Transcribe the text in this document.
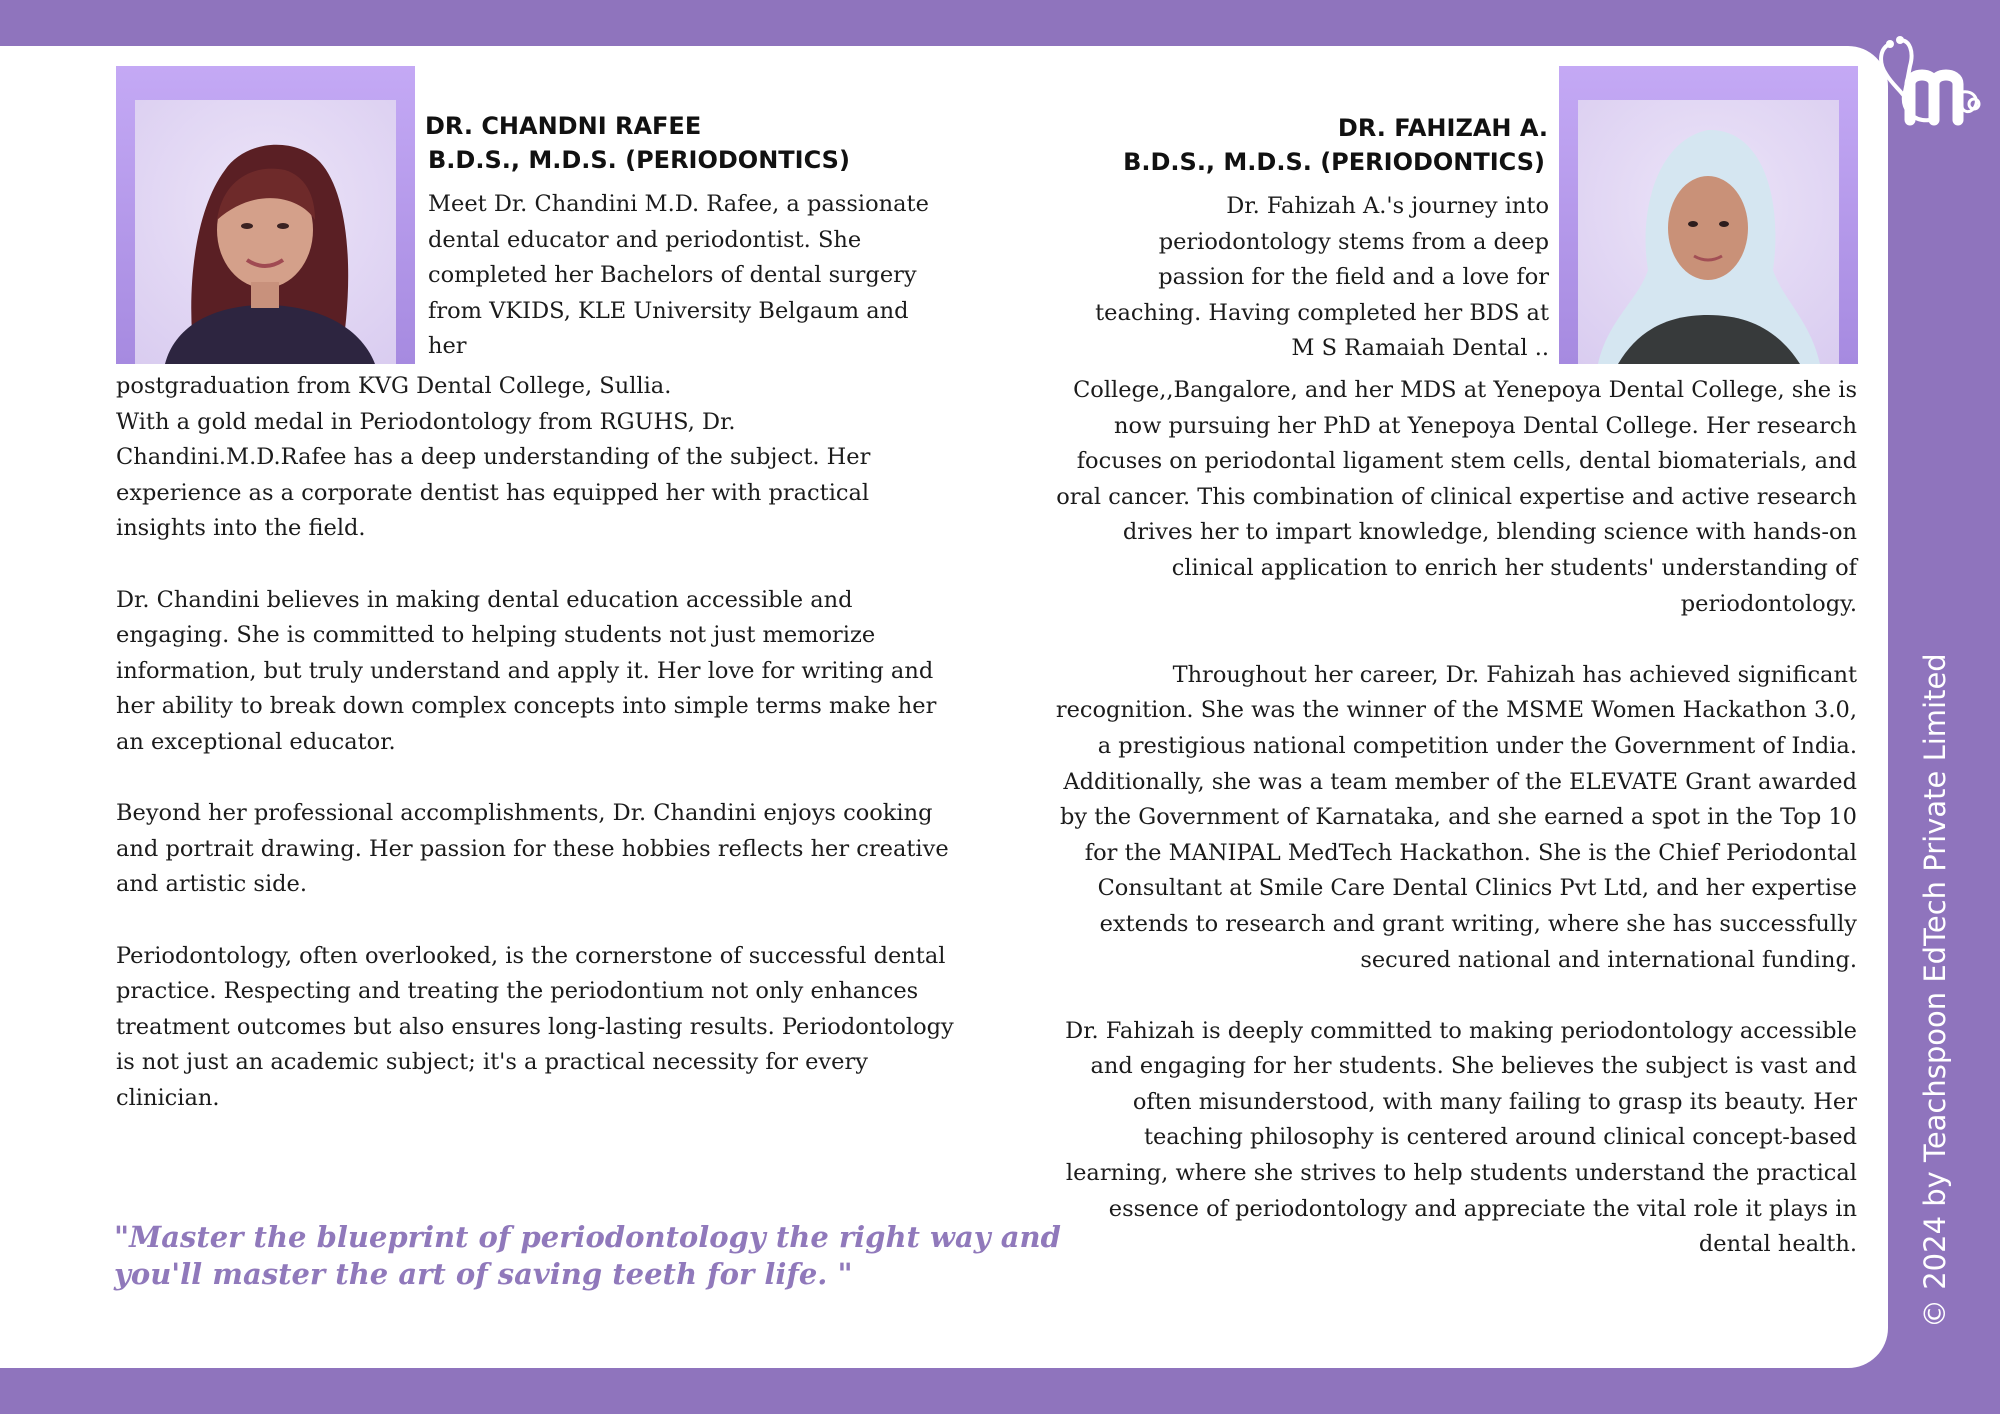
DR. CHANDNI RAFEE
B.D.S., M.D.S. (PERIODONTICS)
Meet Dr. Chandini M.D. Rafee, a passionate dental educator and periodontist. She completed her Bachelors of dental surgery from VKIDS, KLE University Belgaum and her

postgraduation from KVG Dental College, Sullia.

With a gold medal in Periodontology from RGUHS, Dr. Chandini.M.D.Rafee has a deep understanding of the subject. Her experience as a corporate dentist has equipped her with practical insights into the field.

Dr. Chandini believes in making dental education accessible and engaging. She is committed to helping students not just memorize information, but truly understand and apply it. Her love for writing and her ability to break down complex concepts into simple terms make her an exceptional educator.

Beyond her professional accomplishments, Dr. Chandini enjoys cooking and portrait drawing. Her passion for these hobbies reflects her creative and artistic side.

Periodontology, often overlooked, is the cornerstone of successful dental practice. Respecting and treating the periodontium not only enhances treatment outcomes but also ensures long-lasting results. Periodontology is not just an academic subject; it's a practical necessity for every clinician.

DR. FAHIZAH A.
B.D.S., M.D.S. (PERIODONTICS)
Dr. Fahizah A.'s journey into periodontology stems from a deep passion for the field and a love for teaching. Having completed her BDS at M S Ramaiah Dental ..

College,,Bangalore, and her MDS at Yenepoya Dental College, she is now pursuing her PhD at Yenepoya Dental College. Her research focuses on periodontal ligament stem cells, dental biomaterials, and oral cancer. This combination of clinical expertise and active research drives her to impart knowledge, blending science with hands-on clinical application to enrich her students' understanding of periodontology.

Throughout her career, Dr. Fahizah has achieved significant recognition. She was the winner of the MSME Women Hackathon 3.0, a prestigious national competition under the Government of India. Additionally, she was a team member of the ELEVATE Grant awarded by the Government of Karnataka, and she earned a spot in the Top 10 for the MANIPAL MedTech Hackathon. She is the Chief Periodontal Consultant at Smile Care Dental Clinics Pvt Ltd, and her expertise extends to research and grant writing, where she has successfully secured national and international funding.

Dr. Fahizah is deeply committed to making periodontology accessible and engaging for her students. She believes the subject is vast and often misunderstood, with many failing to grasp its beauty. Her teaching philosophy is centered around clinical concept-based learning, where she strives to help students understand the practical essence of periodontology and appreciate the vital role it plays in dental health.

"Master the blueprint of periodontology the right way and you'll master the art of saving teeth for life. "	© 2024 by Teachspoon EdTech Private Limited
